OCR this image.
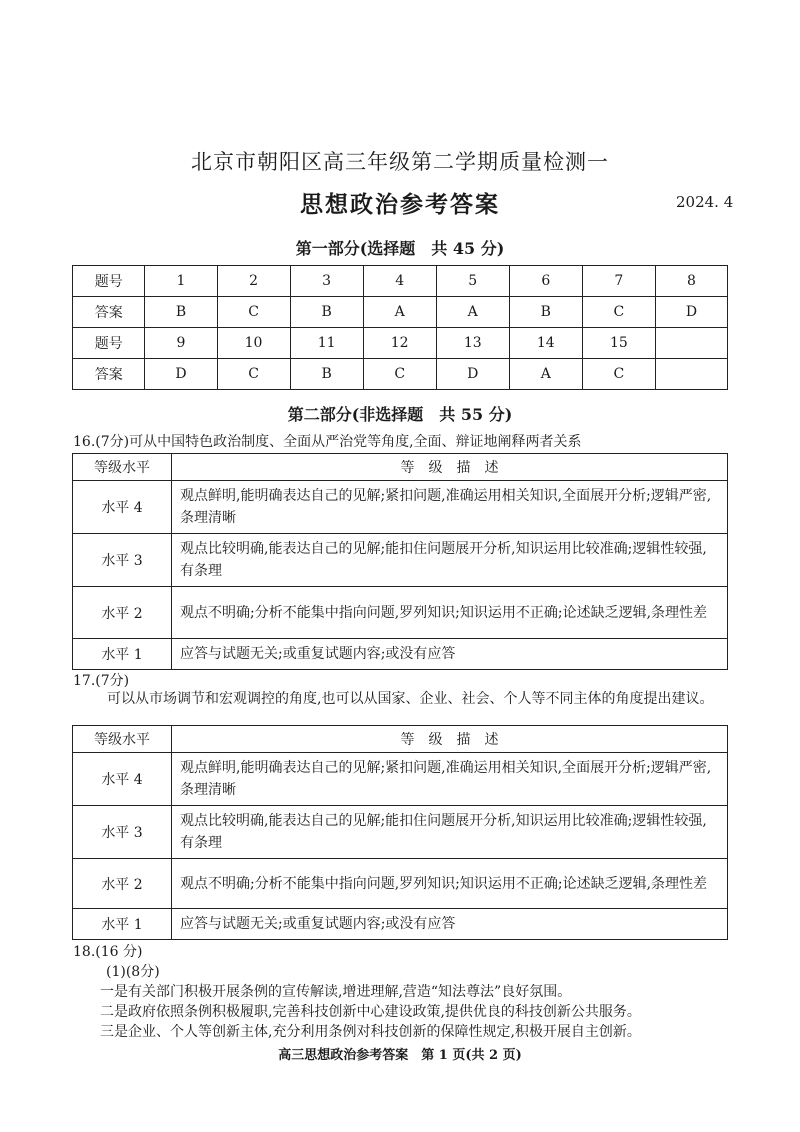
北京市朝阳区高三年级第二学期质量检测一
思想政治参考答案	2024. 4
第一部分(选择题　共 45 分)
题号	1	2	3	4	5	6	7	8
答案	B	C	B	A	A	B	C	D
题号	9	10	11	12	13	14	15	
答案	D	C	B	C	D	A	C	
第二部分(非选择题　共 55 分)
16.(7分)可从中国特色政治制度、全面从严治党等角度,全面、辩证地阐释两者关系
等级水平	等　级　描　述
水平 4	观点鲜明,能明确表达自己的见解;紧扣问题,准确运用相关知识,全面展开分析;逻辑严密,条理清晰
水平 3	观点比较明确,能表达自己的见解;能扣住问题展开分析,知识运用比较准确;逻辑性较强,有条理
水平 2	观点不明确;分析不能集中指向问题,罗列知识;知识运用不正确;论述缺乏逻辑,条理性差
水平 1	应答与试题无关;或重复试题内容;或没有应答
17.(7分)
可以从市场调节和宏观调控的角度,也可以从国家、企业、社会、个人等不同主体的角度提出建议。
等级水平	等　级　描　述
水平 4	观点鲜明,能明确表达自己的见解;紧扣问题,准确运用相关知识,全面展开分析;逻辑严密,条理清晰
水平 3	观点比较明确,能表达自己的见解;能扣住问题展开分析,知识运用比较准确;逻辑性较强,有条理
水平 2	观点不明确;分析不能集中指向问题,罗列知识;知识运用不正确;论述缺乏逻辑,条理性差
水平 1	应答与试题无关;或重复试题内容;或没有应答
18.(16 分)
(1)(8分)
一是有关部门积极开展条例的宣传解读,增进理解,营造“知法尊法”良好氛围。
二是政府依照条例积极履职,完善科技创新中心建设政策,提供优良的科技创新公共服务。
三是企业、个人等创新主体,充分利用条例对科技创新的保障性规定,积极开展自主创新。
高三思想政治参考答案　第 1 页(共 2 页)
